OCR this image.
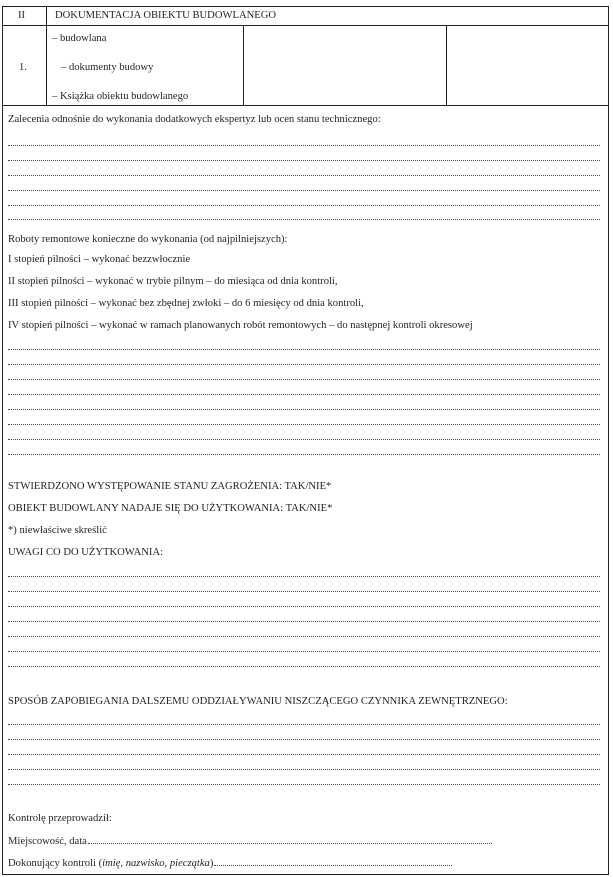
II	DOKUMENTACJA OBIEKTU BUDOWLANEGO
1.
– budowlana
– dokumenty budowy
– Książka obiektu budowlanego
Zalecenia odnośnie do wykonania dodatkowych ekspertyz lub ocen stanu technicznego:
Roboty remontowe konieczne do wykonania (od najpilniejszych):
I stopień pilności – wykonać bezzwłocznie
II stopień pilności – wykonać w trybie pilnym – do miesiąca od dnia kontroli,
III stopień pilności – wykonać bez zbędnej zwłoki – do 6 miesięcy od dnia kontroli,
IV stopień pilności – wykonać w ramach planowanych robót remontowych – do następnej kontroli okresowej
STWIERDZONO WYSTĘPOWANIE STANU ZAGROŻENIA: TAK/NIE*
OBIEKT BUDOWLANY NADAJE SIĘ DO UŻYTKOWANIA: TAK/NIE*
*) niewłaściwe skreślić
UWAGI CO DO UŻYTKOWANIA:
SPOSÓB ZAPOBIEGANIA DALSZEMU ODDZIAŁYWANIU NISZCZĄCEGO CZYNNIKA ZEWNĘTRZNEGO:
Kontrolę przeprowadził:
Miejscowość, data
Dokonujący kontroli (imię, nazwisko, pieczątka)
